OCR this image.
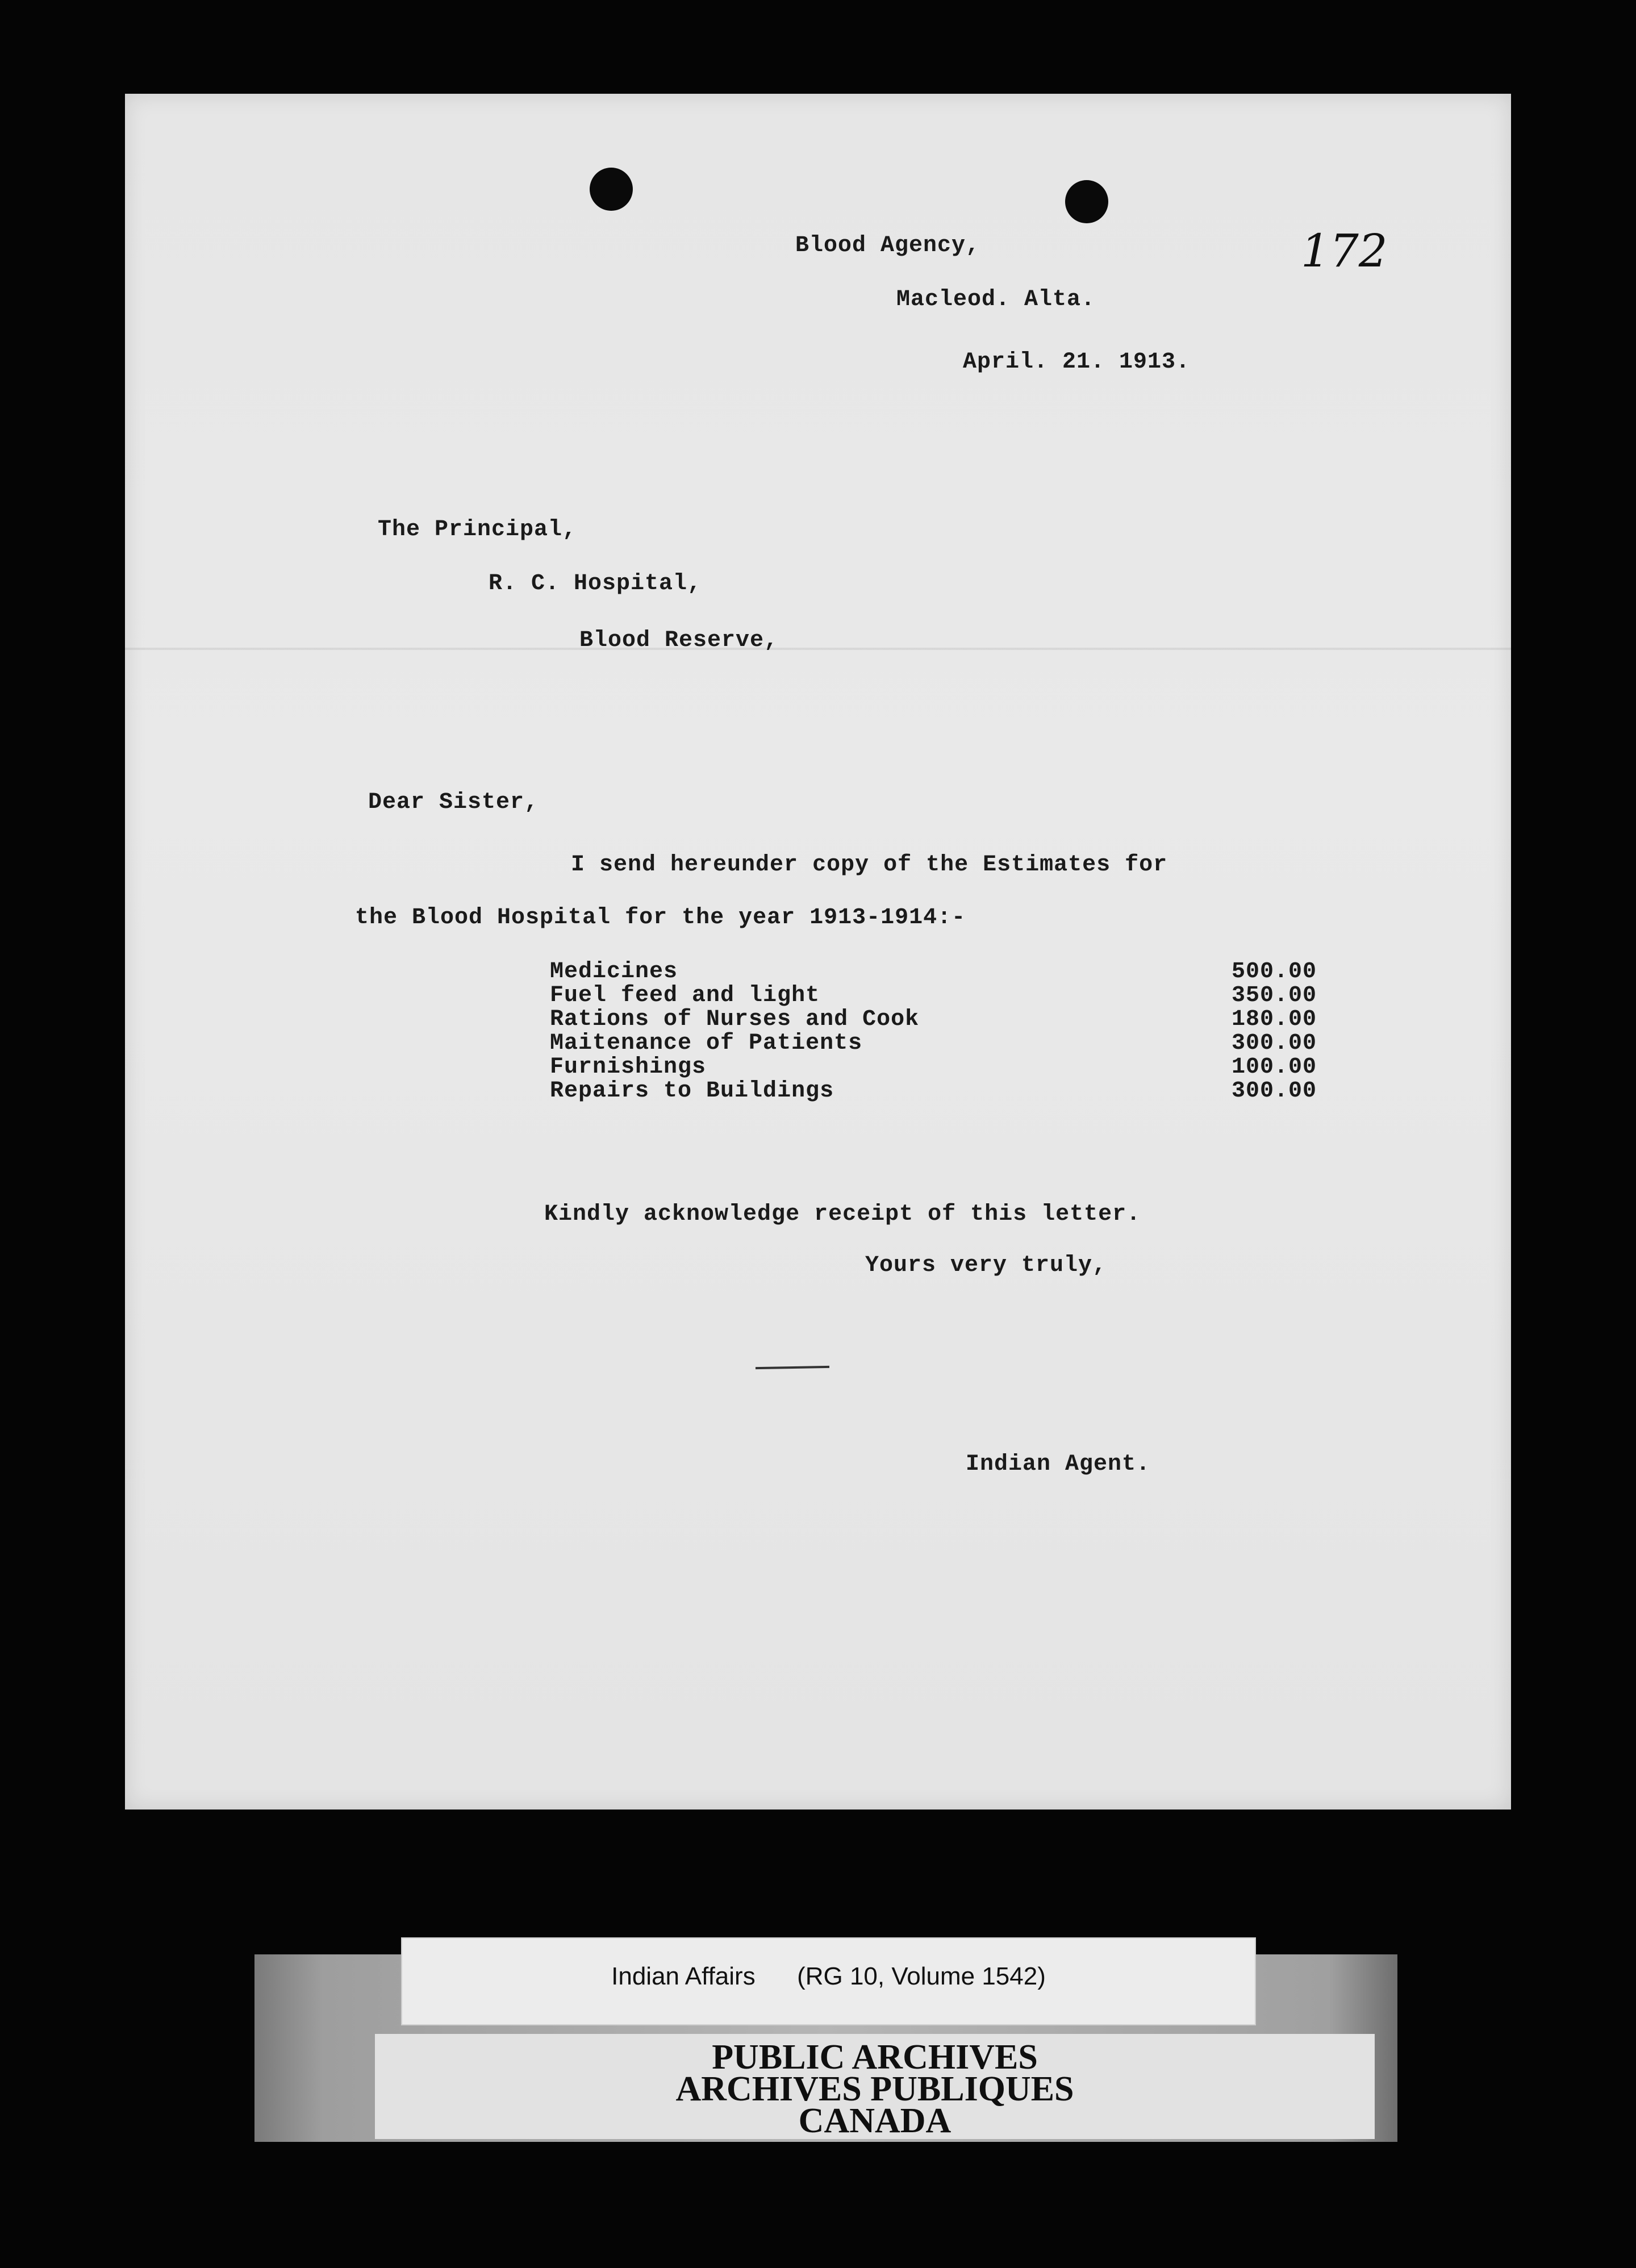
172
Blood Agency,
Macleod. Alta.
April. 21. 1913.
The Principal,
R. C. Hospital,
Blood Reserve,
Dear Sister,
I send hereunder copy of the Estimates for
the Blood Hospital for the year 1913-1914:-
Medicines	500.00
Fuel feed and light	350.00
Rations of Nurses and Cook	180.00
Maitenance of Patients	300.00
Furnishings	100.00
Repairs to Buildings	300.00
Kindly acknowledge receipt of this letter.
Yours very truly,
Indian Agent.
Indian Affairs (RG 10, Volume 1542)
PUBLIC ARCHIVES
ARCHIVES PUBLIQUES
CANADA
